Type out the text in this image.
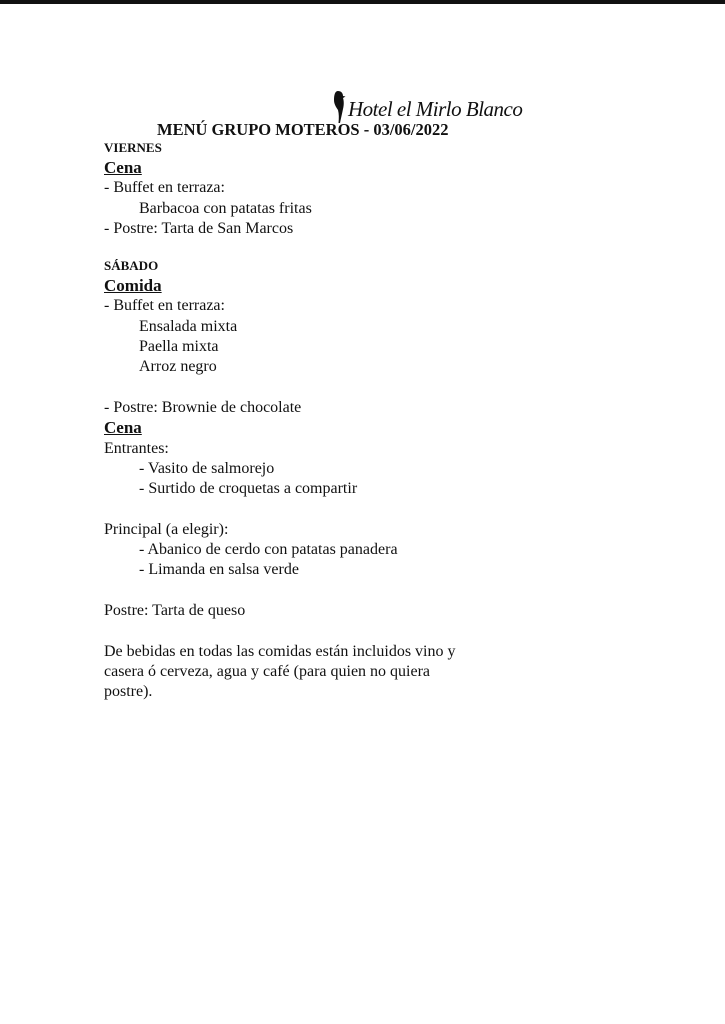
Hotel el Mirlo Blanco
MENÚ GRUPO MOTEROS - 03/06/2022
VIERNES
Cena
- Buffet en terraza:
Barbacoa con patatas fritas
- Postre: Tarta de San Marcos
SÁBADO
Comida
- Buffet en terraza:
Ensalada mixta
Paella mixta
Arroz negro
- Postre: Brownie de chocolate
Cena
Entrantes:
- Vasito de salmorejo
- Surtido de croquetas a compartir
Principal (a elegir):
- Abanico de cerdo con patatas panadera
- Limanda en salsa verde
Postre: Tarta de queso
De bebidas en todas las comidas están incluidos vino y
casera ó cerveza, agua y café (para quien no quiera
postre).
